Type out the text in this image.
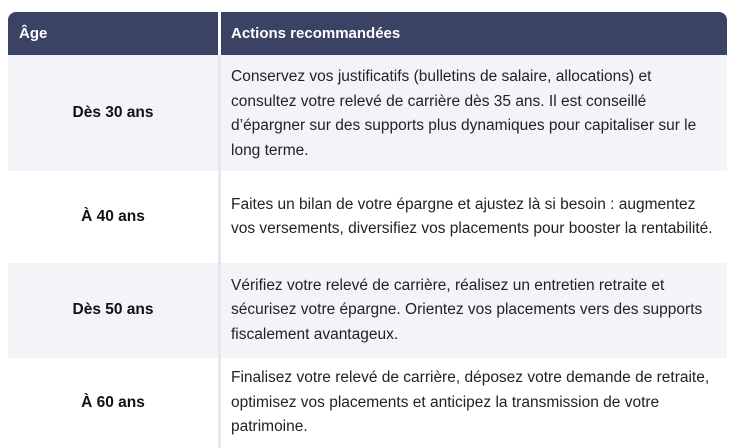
Âge	Actions recommandées
Dès 30 ans	Conservez vos justificatifs (bulletins de salaire, allocations) et consultez votre relevé de carrière dès 35 ans. Il est conseillé d’épargner sur des supports plus dynamiques pour capitaliser sur le long terme.
À 40 ans	Faites un bilan de votre épargne et ajustez là si besoin : augmentez vos versements, diversifiez vos placements pour booster la rentabilité.
Dès 50 ans	Vérifiez votre relevé de carrière, réalisez un entretien retraite et sécurisez votre épargne. Orientez vos placements vers des supports fiscalement avantageux.
À 60 ans	Finalisez votre relevé de carrière, déposez votre demande de retraite, optimisez vos placements et anticipez la transmission de votre patrimoine.
